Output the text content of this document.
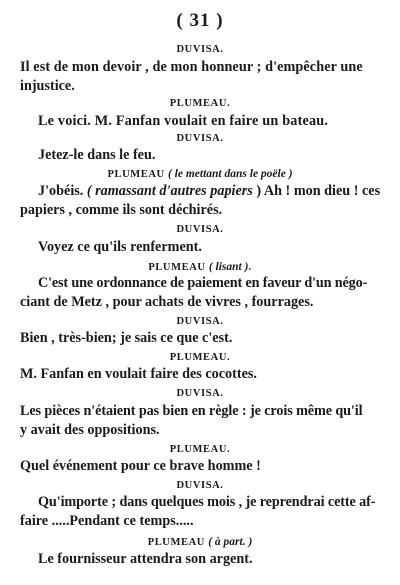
( 31 )
DUVISA.
Il est de mon devoir , de mon honneur ; d'empêcher une
injustice.
PLUMEAU.
Le voici. M. Fanfan voulait en faire un bateau.
DUVISA.
Jetez-le dans le feu.
PLUMEAU ( le mettant dans le poële )
J'obéis. ( ramassant d'autres papiers ) Ah ! mon dieu ! ces
papiers , comme ils sont déchirés.
DUVISA.
Voyez ce qu'ils renferment.
PLUMEAU ( lisant ).
C'est une ordonnance de paiement en faveur d'un négo-
ciant de Metz , pour achats de vivres , fourrages.
DUVISA.
Bien , très-bien; je sais ce que c'est.
PLUMEAU.
M. Fanfan en voulait faire des cocottes.
DUVISA.
Les pièces n'étaient pas bien en règle : je crois même qu'il
y avait des oppositions.
PLUMEAU.
Quel événement pour ce brave homme !
DUVISA.
Qu'importe ; dans quelques mois , je reprendrai cette af-
faire .....Pendant ce temps.....
PLUMEAU ( à part. )
Le fournisseur attendra son argent.
